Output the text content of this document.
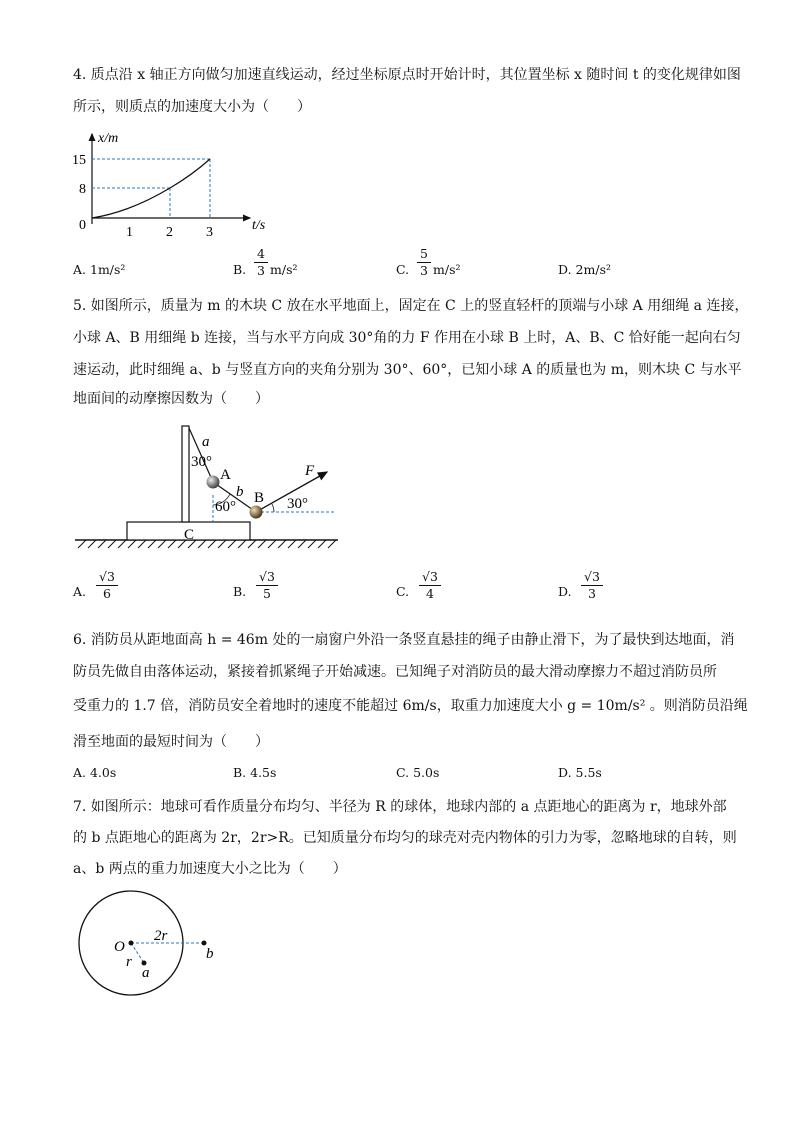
4. 质点沿 x 轴正方向做匀加速直线运动，经过坐标原点时开始计时，其位置坐标 x 随时间 t 的变化规律如图
所示，则质点的加速度大小为（　　）
x/m
t/s
15
8
0	1 2 3
A. 1m/s²	B.
4
3 m/s²	C.
5
3 m/s²	D. 2m/s²
5. 如图所示，质量为 m 的木块 C 放在水平地面上，固定在 C 上的竖直轻杆的顶端与小球 A 用细绳 a 连接，
小球 A、B 用细绳 b 连接，当与水平方向成 30°角的力 F 作用在小球 B 上时，A、B、C 恰好能一起向右匀
速运动，此时细绳 a、b 与竖直方向的夹角分别为 30°、60°，已知小球 A 的质量也为 m，则木块 C 与水平
地面间的动摩擦因数为（　　）
a
30°
A
b
60°
B
F
30°
C
A.
√3
6	B.
√3
5	C.
√3
4	D.
√3
3
6. 消防员从距地面高 h = 46m 处的一扇窗户外沿一条竖直悬挂的绳子由静止滑下，为了最快到达地面，消
防员先做自由落体运动，紧接着抓紧绳子开始减速。已知绳子对消防员的最大滑动摩擦力不超过消防员所
受重力的 1.7 倍，消防员安全着地时的速度不能超过 6m/s，取重力加速度大小 g = 10m/s² 。则消防员沿绳
滑至地面的最短时间为（　　）
A. 4.0s	B. 4.5s	C. 5.0s	D. 5.5s
7. 如图所示：地球可看作质量分布均匀、半径为 R 的球体，地球内部的 a 点距地心的距离为 r，地球外部
的 b 点距地心的距离为 2r，2r>R。已知质量分布均匀的球壳对壳内物体的引力为零，忽略地球的自转，则
a、b 两点的重力加速度大小之比为（　　）
O
2r
b
r
a
